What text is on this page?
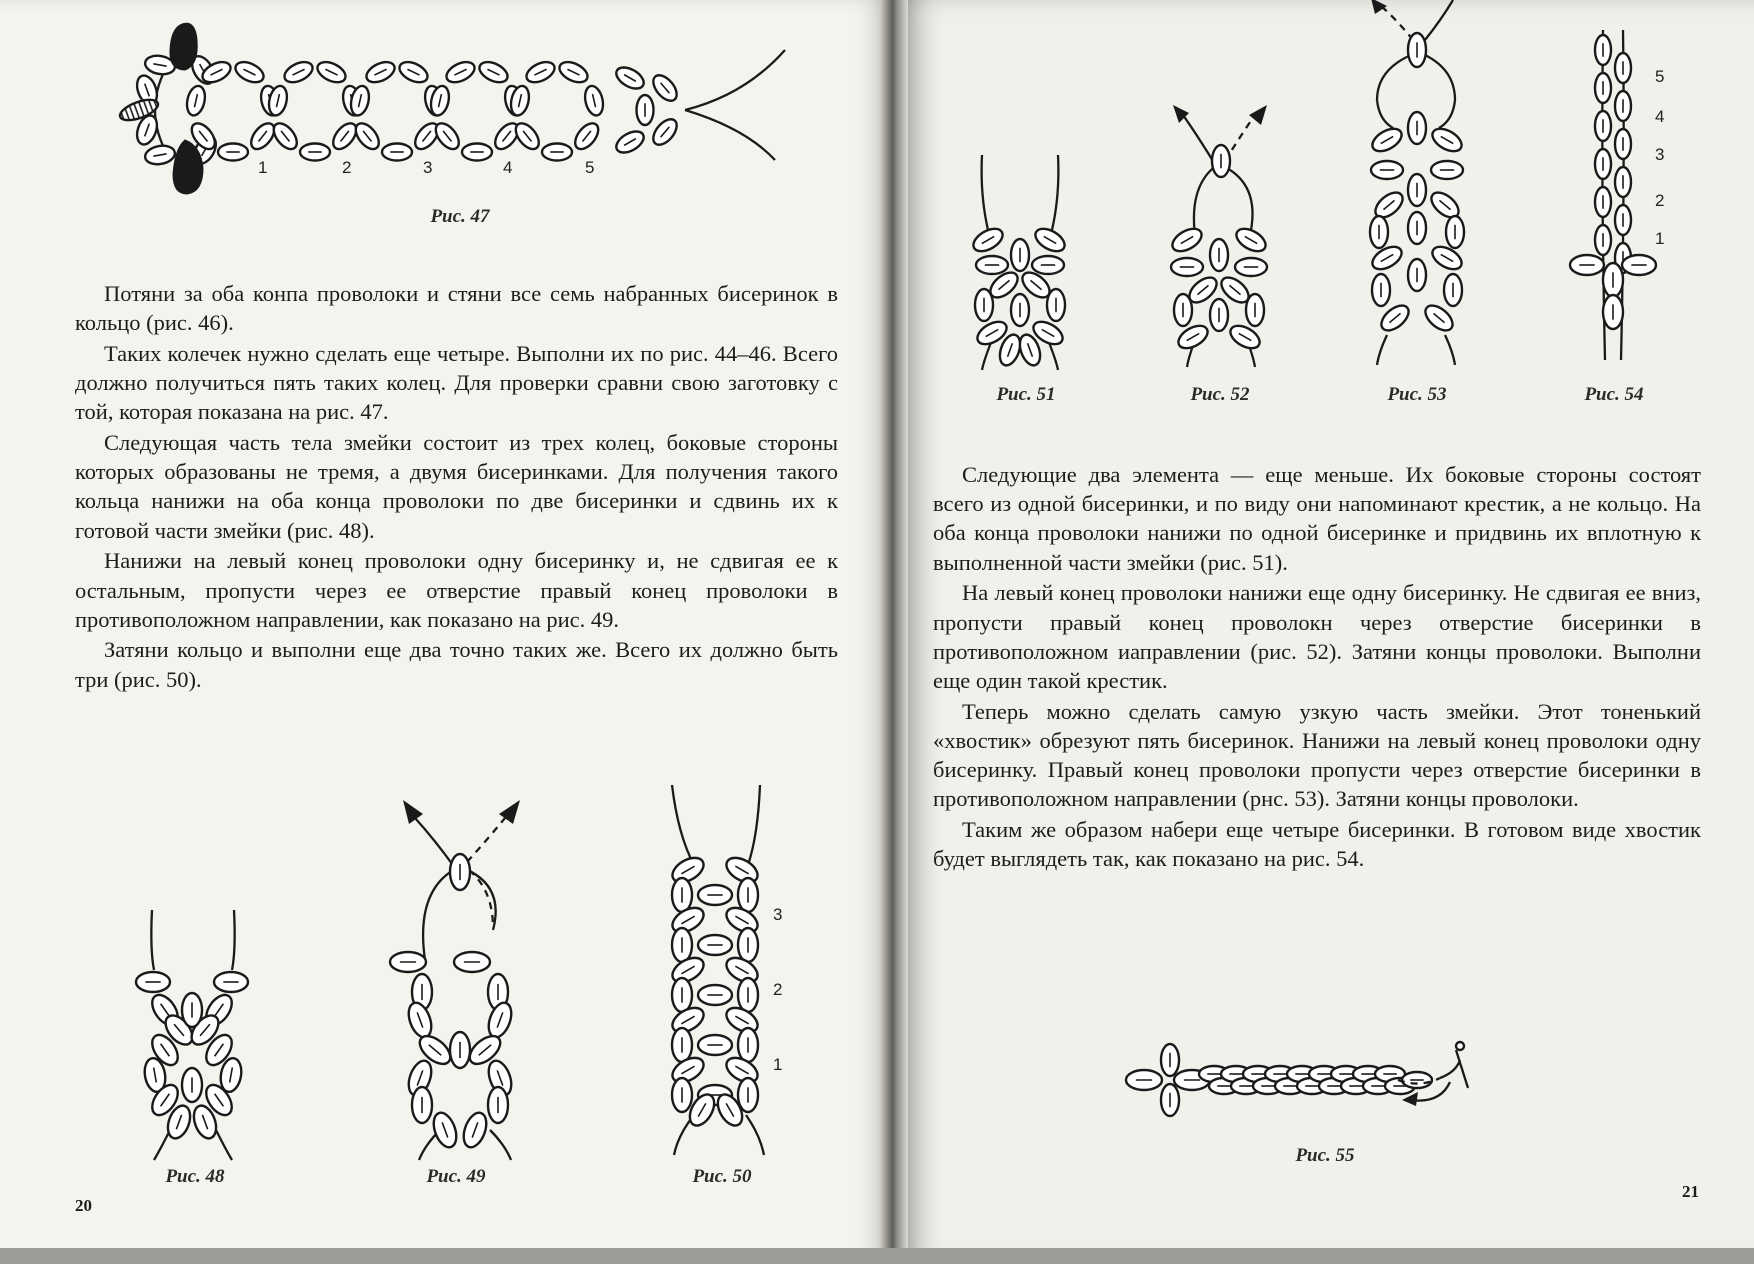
1	2	3	4	5
Рис. 47

Потяни за оба конпа проволоки и стяни все семь набранных бисеринок в кольцо (рис. 46).

Таких колечек нужно сделать еще четыре. Выполни их по рис. 44–46. Всего должно получиться пять таких колец. Для проверки сравни свою заготовку с той, которая показана на рис. 47.

Следующая часть тела змейки состоит из трех колец, боковые стороны которых образованы не тремя, а двумя бисеринками. Для получения такого кольца нанижи на оба конца проволоки по две бисеринки и сдвинь их к готовой части змейки (рис. 48).

Нанижи на левый конец проволоки одну бисеринку и, не сдвигая ее к остальным, пропусти через ее отверстие правый конец проволоки в противоположном направлении, как показано на рис. 49.

Затяни кольцо и выполни еще два точно таких же. Всего их должно быть три (рис. 50).

Рис. 48	Рис. 49
3
2
1
Рис. 50
20
Рис. 51	Рис. 52	Рис. 53
5
4
3
2
1
Рис. 54

Следующие два элемента — еще меньше. Их боковые стороны состоят всего из одной бисеринки, и по виду они напоминают крестик, а не кольцо. На оба конца проволоки нанижи по одной бисеринке и придвинь их вплотную к выполненной части змейки (рис. 51).

На левый конец проволоки нанижи еще одну бисеринку. Не сдвигая ее вниз, пропусти правый конец проволокн через отверстие бисеринки в противоположном иаправлении (рис. 52). Затяни концы проволоки. Выполни еще один такой крестик.

Теперь можно сделать самую узкую часть змейки. Этот тоненький «хвостик» обрезуют пять бисеринок. Нанижи на левый конец проволоки одну бисеринку. Правый конец проволоки пропусти через отверстие бисеринки в противоположном направлении (рнс. 53). Затяни концы проволоки.

Таким же образом набери еще четыре бисеринки. В готовом виде хвостик будет выглядеть так, как показано на рис. 54.

Рис. 55
21
